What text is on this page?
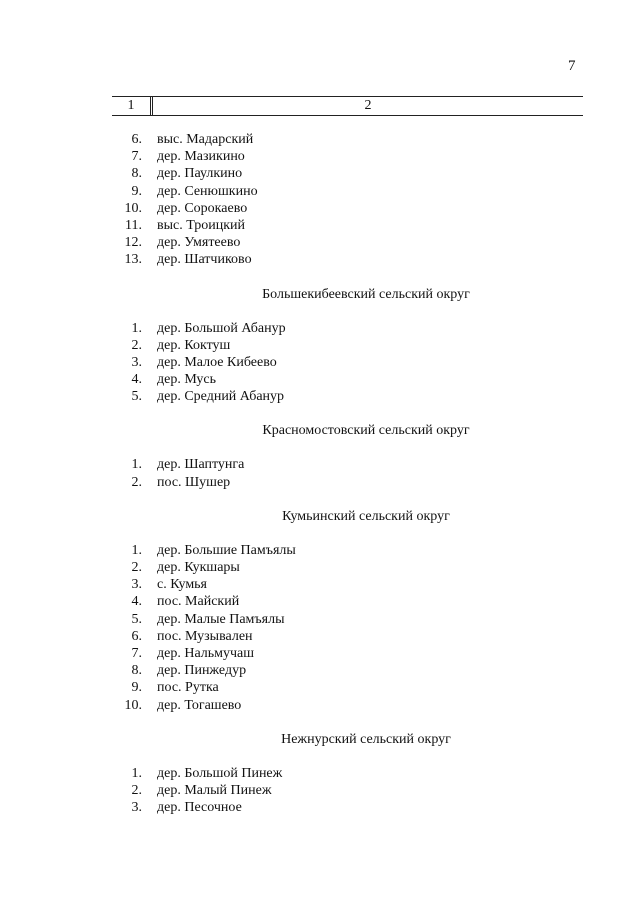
7
1	2
6. выс. Мадарский
7. дер. Мазикино
8. дер. Паулкино
9. дер. Сенюшкино
10. дер. Сорокаево
11. выс. Троицкий
12. дер. Умятеево
13. дер. Шатчиково

Большекибеевский сельский округ

1. дер. Большой Абанур
2. дер. Коктуш
3. дер. Малое Кибеево
4. дер. Мусь
5. дер. Средний Абанур

Красномостовский сельский округ

1. дер. Шаптунга
2. пос. Шушер

Кумьинский сельский округ

1. дер. Большие Памъялы
2. дер. Кукшары
3. с. Кумья
4. пос. Майский
5. дер. Малые Памъялы
6. пос. Музывален
7. дер. Нальмучаш
8. дер. Пинжедур
9. пос. Рутка
10. дер. Тогашево

Нежнурский сельский округ

1. дер. Большой Пинеж
2. дер. Малый Пинеж
3. дер. Песочное
